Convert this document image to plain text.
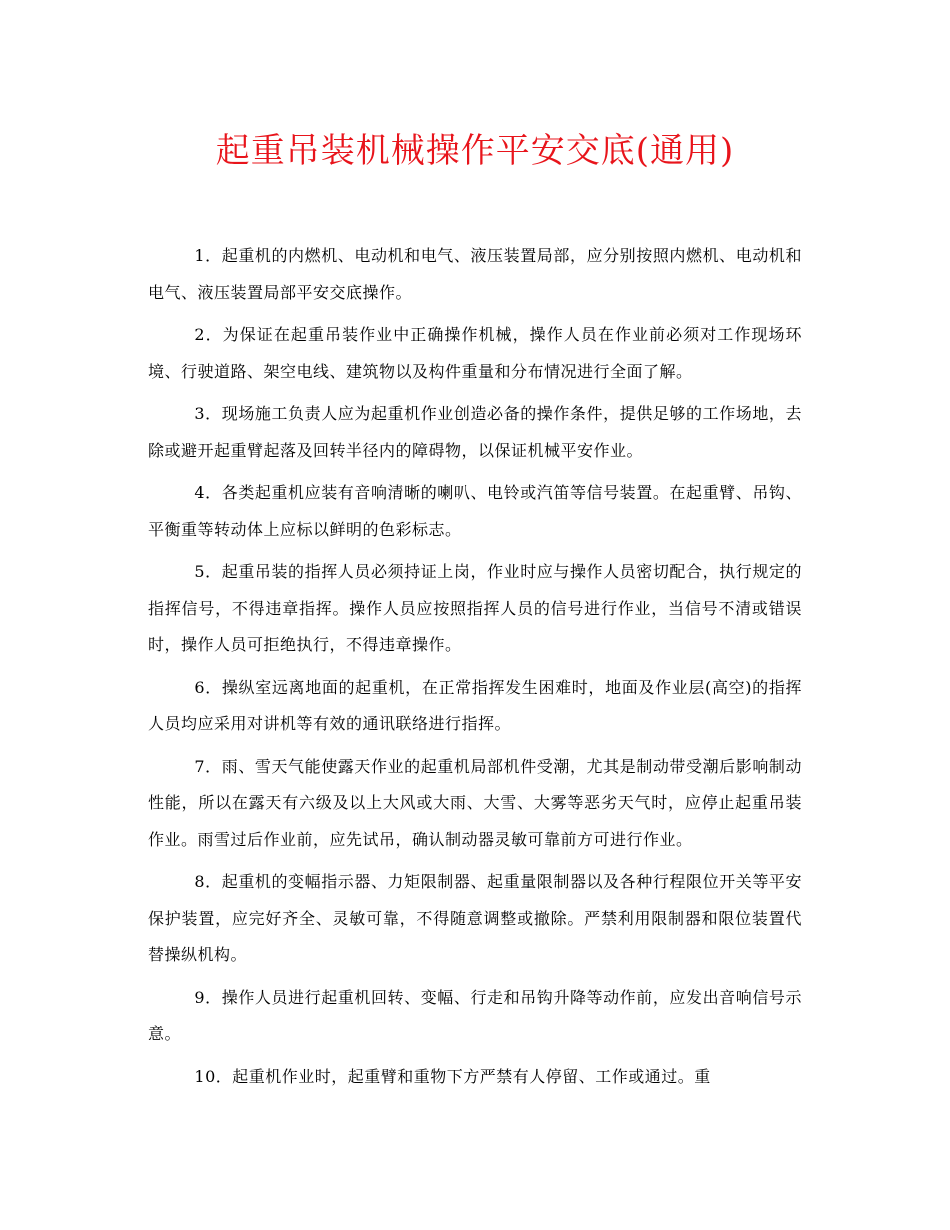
起重吊装机械操作平安交底(通用)

1．起重机的内燃机、电动机和电气、液压装置局部，应分别按照内燃机、电动机和电气、液压装置局部平安交底操作。

2．为保证在起重吊装作业中正确操作机械，操作人员在作业前必须对工作现场环境、行驶道路、架空电线、建筑物以及构件重量和分布情况进行全面了解。

3．现场施工负责人应为起重机作业创造必备的操作条件，提供足够的工作场地，去除或避开起重臂起落及回转半径内的障碍物，以保证机械平安作业。

4．各类起重机应装有音响清晰的喇叭、电铃或汽笛等信号装置。在起重臂、吊钩、平衡重等转动体上应标以鲜明的色彩标志。

5．起重吊装的指挥人员必须持证上岗，作业时应与操作人员密切配合，执行规定的指挥信号，不得违章指挥。操作人员应按照指挥人员的信号进行作业，当信号不清或错误时，操作人员可拒绝执行，不得违章操作。

6．操纵室远离地面的起重机，在正常指挥发生困难时，地面及作业层(高空)的指挥人员均应采用对讲机等有效的通讯联络进行指挥。

7．雨、雪天气能使露天作业的起重机局部机件受潮，尤其是制动带受潮后影响制动性能，所以在露天有六级及以上大风或大雨、大雪、大雾等恶劣天气时，应停止起重吊装作业。雨雪过后作业前，应先试吊，确认制动器灵敏可靠前方可进行作业。

8．起重机的变幅指示器、力矩限制器、起重量限制器以及各种行程限位开关等平安保护装置，应完好齐全、灵敏可靠，不得随意调整或撤除。严禁利用限制器和限位装置代替操纵机构。

9．操作人员进行起重机回转、变幅、行走和吊钩升降等动作前，应发出音响信号示意。

10．起重机作业时，起重臂和重物下方严禁有人停留、工作或通过。重
